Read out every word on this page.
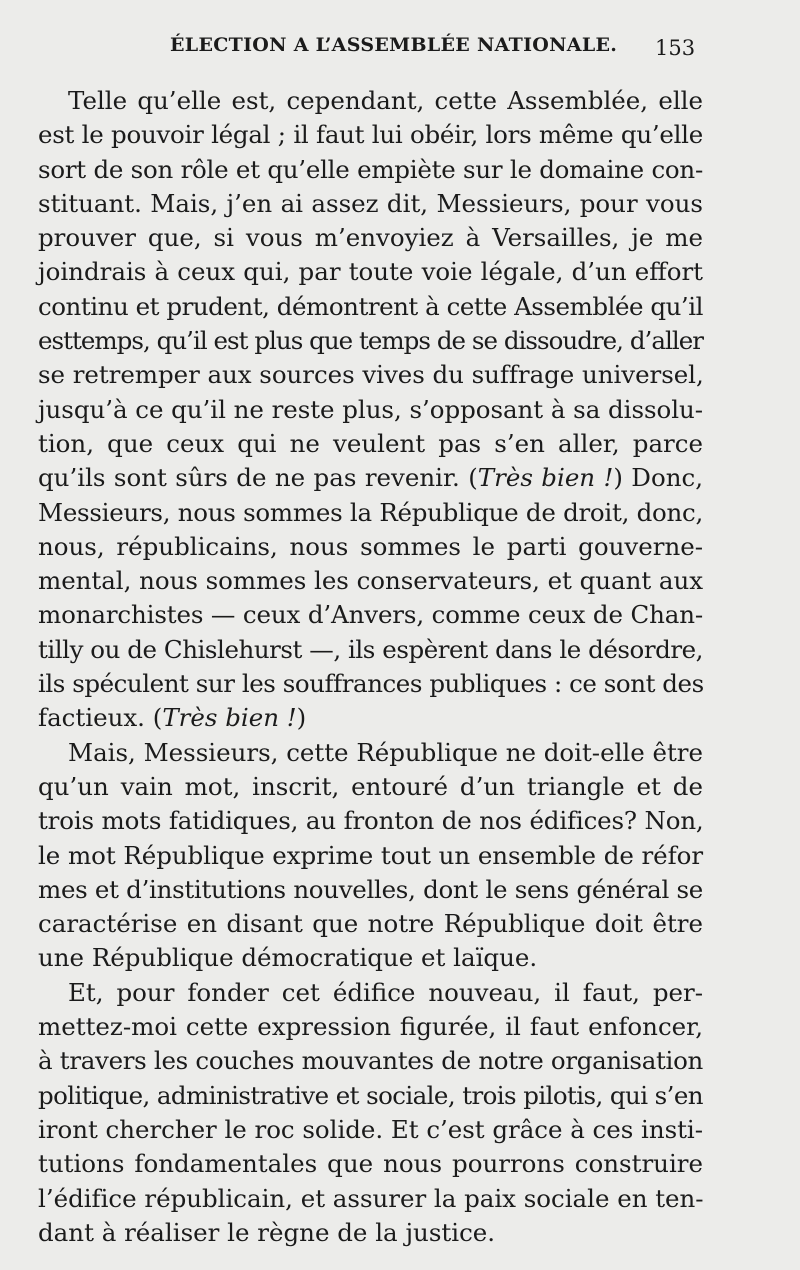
ÉLECTION A L’ASSEMBLÉE NATIONALE. 153
Telle qu’elle est, cependant, cette Assemblée, elle
est le pouvoir légal ; il faut lui obéir, lors même qu’elle
sort de son rôle et qu’elle empiète sur le domaine con-
stituant. Mais, j’en ai assez dit, Messieurs, pour vous
prouver que, si vous m’envoyiez à Versailles, je me
joindrais à ceux qui, par toute voie légale, d’un effort
continu et prudent, démontrent à cette Assemblée qu’il
esttemps, qu’il est plus que temps de se dissoudre, d’aller
se retremper aux sources vives du suffrage universel,
jusqu’à ce qu’il ne reste plus, s’opposant à sa dissolu-
tion, que ceux qui ne veulent pas s’en aller, parce
qu’ils sont sûrs de ne pas revenir. (Très bien !) Donc,
Messieurs, nous sommes la République de droit, donc,
nous, républicains, nous sommes le parti gouverne-
mental, nous sommes les conservateurs, et quant aux
monarchistes — ceux d’Anvers, comme ceux de Chan-
tilly ou de Chislehurst —, ils espèrent dans le désordre,
ils spéculent sur les souffrances publiques : ce sont des
factieux. (Très bien !)
Mais, Messieurs, cette République ne doit-elle être
qu’un vain mot, inscrit, entouré d’un triangle et de
trois mots fatidiques, au fronton de nos édifices? Non,
le mot République exprime tout un ensemble de réfor
mes et d’institutions nouvelles, dont le sens général se
caractérise en disant que notre République doit être
une République démocratique et laïque.
Et, pour fonder cet édifice nouveau, il faut, per-
mettez-moi cette expression figurée, il faut enfoncer,
à travers les couches mouvantes de notre organisation
politique, administrative et sociale, trois pilotis, qui s’en
iront chercher le roc solide. Et c’est grâce à ces insti-
tutions fondamentales que nous pourrons construire
l’édifice républicain, et assurer la paix sociale en ten-
dant à réaliser le règne de la justice.
